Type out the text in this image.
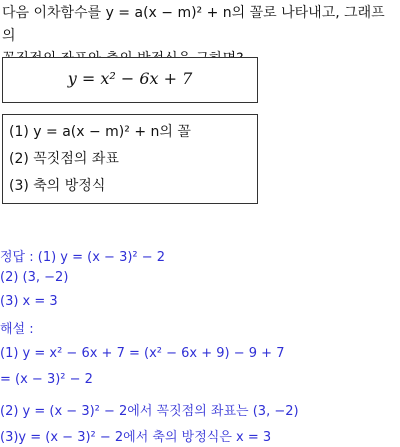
다음 이차함수를 y = a(x − m)² + n의 꼴로 나타내고, 그래프의
y = x² − 6x + 7
(1) y = a(x − m)² + n의 꼴
(2) 꼭짓점의 좌표
(3) 축의 방정식
정답 : (1) y = (x − 3)² − 2
(2) (3, −2)
(3) x = 3
해설 :
(1) y = x² − 6x + 7 = (x² − 6x + 9) − 9 + 7
= (x − 3)² − 2
(2) y = (x − 3)² − 2에서 꼭짓점의 좌표는 (3, −2)
(3)y = (x − 3)² − 2에서 축의 방정식은 x = 3
